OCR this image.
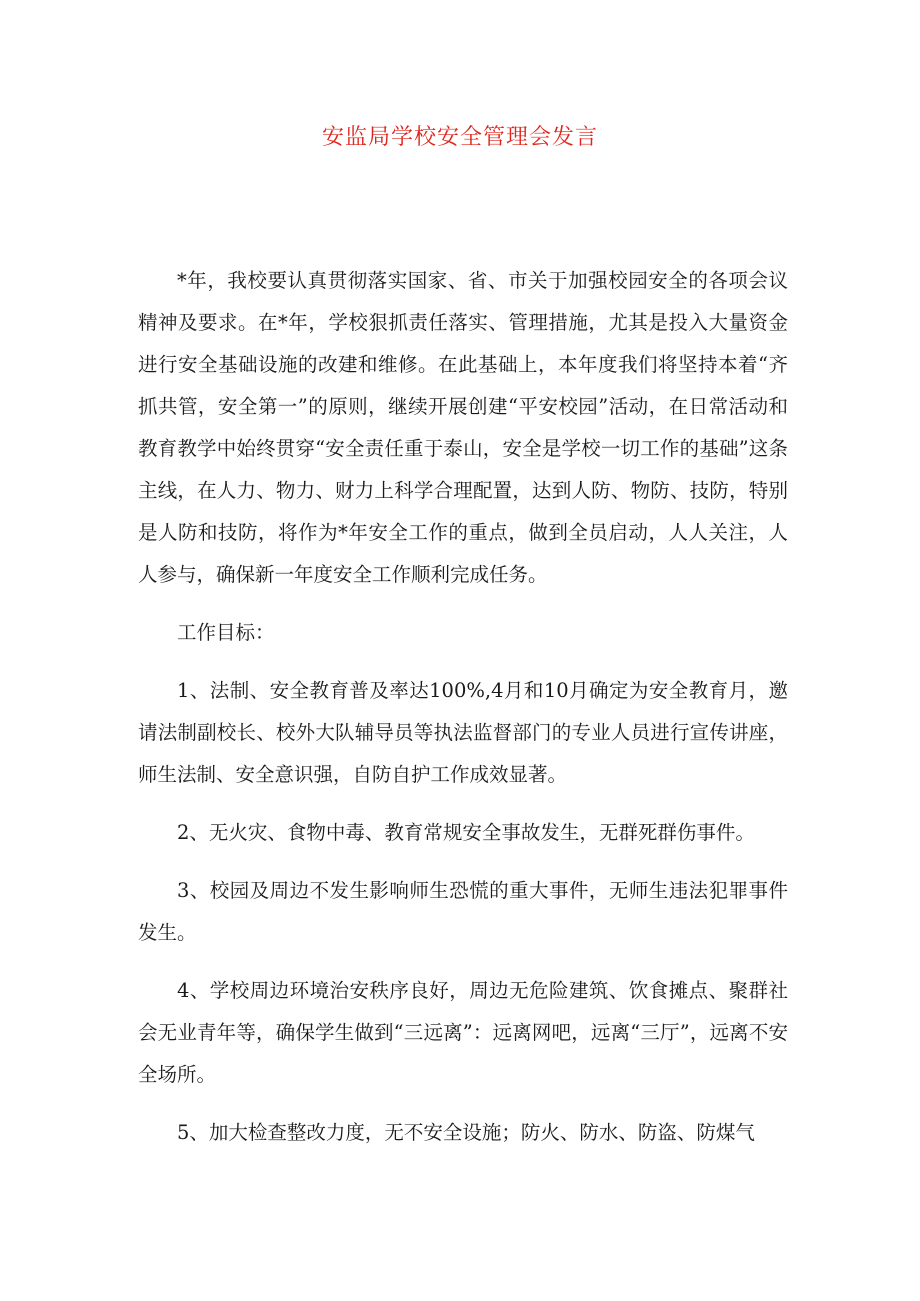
安监局学校安全管理会发言

*年，我校要认真贯彻落实国家、省、市关于加强校园安全的各项会议精神及要求。在*年，学校狠抓责任落实、管理措施，尤其是投入大量资金进行安全基础设施的改建和维修。在此基础上，本年度我们将坚持本着“齐抓共管，安全第一”的原则，继续开展创建“平安校园”活动，在日常活动和教育教学中始终贯穿“安全责任重于泰山，安全是学校一切工作的基础”这条主线，在人力、物力、财力上科学合理配置，达到人防、物防、技防，特别是人防和技防，将作为*年安全工作的重点，做到全员启动，人人关注，人人参与，确保新一年度安全工作顺利完成任务。

工作目标：

1、法制、安全教育普及率达100%,4月和10月确定为安全教育月，邀请法制副校长、校外大队辅导员等执法监督部门的专业人员进行宣传讲座，师生法制、安全意识强，自防自护工作成效显著。

2、无火灾、食物中毒、教育常规安全事故发生，无群死群伤事件。

3、校园及周边不发生影响师生恐慌的重大事件，无师生违法犯罪事件发生。

4、学校周边环境治安秩序良好，周边无危险建筑、饮食摊点、聚群社会无业青年等，确保学生做到“三远离”：远离网吧，远离“三厅”，远离不安全场所。

5、加大检查整改力度，无不安全设施；防火、防水、防盗、防煤气
